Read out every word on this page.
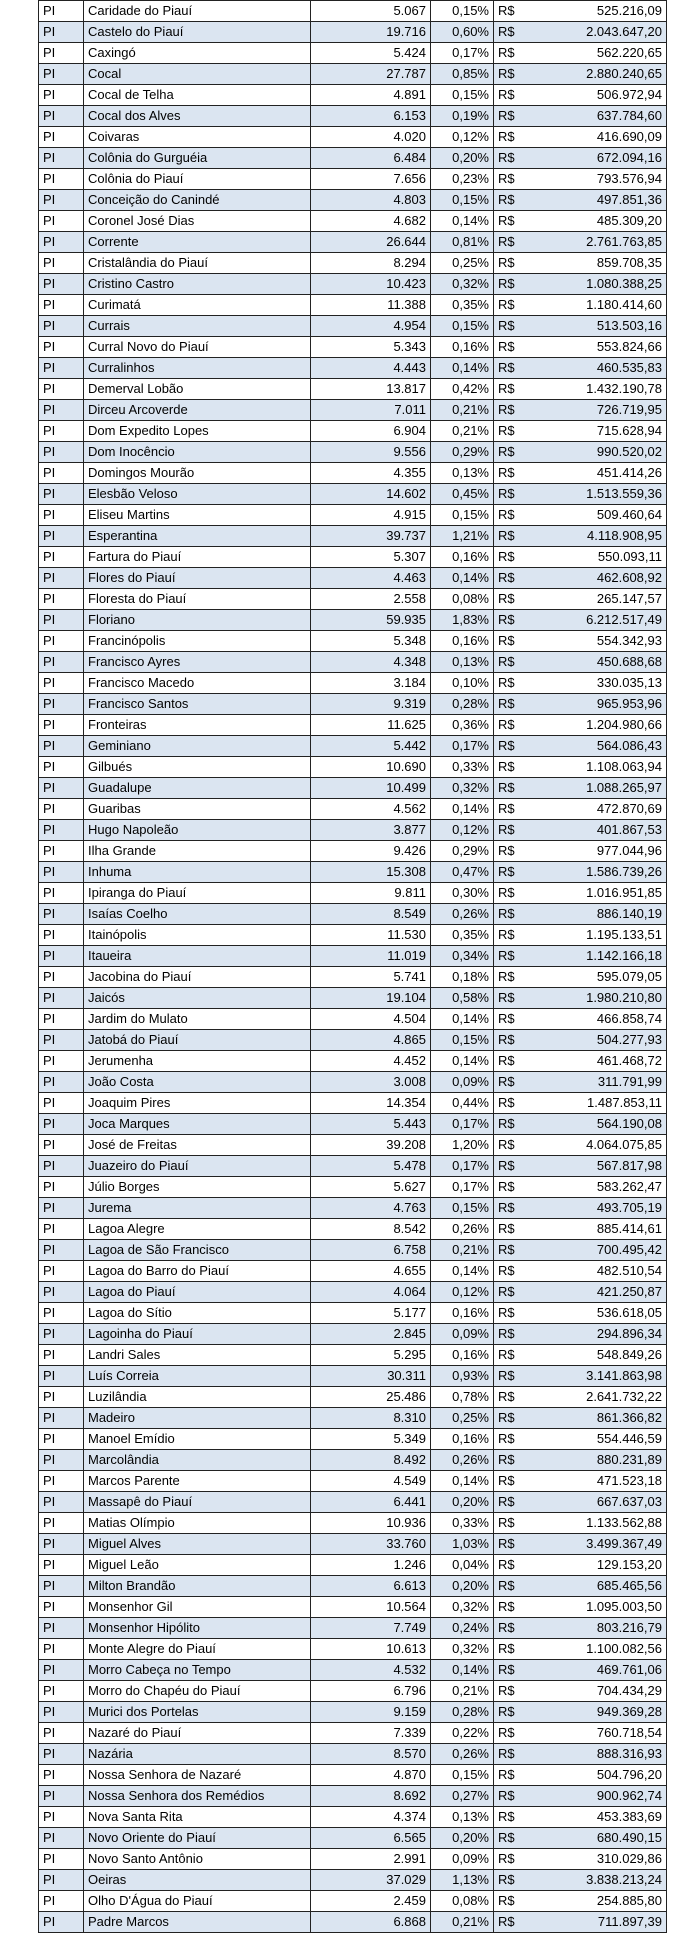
PI	Caridade do Piauí	5.067	0,15%	R$	525.216,09
PI	Castelo do Piauí	19.716	0,60%	R$	2.043.647,20
PI	Caxingó	5.424	0,17%	R$	562.220,65
PI	Cocal	27.787	0,85%	R$	2.880.240,65
PI	Cocal de Telha	4.891	0,15%	R$	506.972,94
PI	Cocal dos Alves	6.153	0,19%	R$	637.784,60
PI	Coivaras	4.020	0,12%	R$	416.690,09
PI	Colônia do Gurguéia	6.484	0,20%	R$	672.094,16
PI	Colônia do Piauí	7.656	0,23%	R$	793.576,94
PI	Conceição do Canindé	4.803	0,15%	R$	497.851,36
PI	Coronel José Dias	4.682	0,14%	R$	485.309,20
PI	Corrente	26.644	0,81%	R$	2.761.763,85
PI	Cristalândia do Piauí	8.294	0,25%	R$	859.708,35
PI	Cristino Castro	10.423	0,32%	R$	1.080.388,25
PI	Curimatá	11.388	0,35%	R$	1.180.414,60
PI	Currais	4.954	0,15%	R$	513.503,16
PI	Curral Novo do Piauí	5.343	0,16%	R$	553.824,66
PI	Curralinhos	4.443	0,14%	R$	460.535,83
PI	Demerval Lobão	13.817	0,42%	R$	1.432.190,78
PI	Dirceu Arcoverde	7.011	0,21%	R$	726.719,95
PI	Dom Expedito Lopes	6.904	0,21%	R$	715.628,94
PI	Dom Inocêncio	9.556	0,29%	R$	990.520,02
PI	Domingos Mourão	4.355	0,13%	R$	451.414,26
PI	Elesbão Veloso	14.602	0,45%	R$	1.513.559,36
PI	Eliseu Martins	4.915	0,15%	R$	509.460,64
PI	Esperantina	39.737	1,21%	R$	4.118.908,95
PI	Fartura do Piauí	5.307	0,16%	R$	550.093,11
PI	Flores do Piauí	4.463	0,14%	R$	462.608,92
PI	Floresta do Piauí	2.558	0,08%	R$	265.147,57
PI	Floriano	59.935	1,83%	R$	6.212.517,49
PI	Francinópolis	5.348	0,16%	R$	554.342,93
PI	Francisco Ayres	4.348	0,13%	R$	450.688,68
PI	Francisco Macedo	3.184	0,10%	R$	330.035,13
PI	Francisco Santos	9.319	0,28%	R$	965.953,96
PI	Fronteiras	11.625	0,36%	R$	1.204.980,66
PI	Geminiano	5.442	0,17%	R$	564.086,43
PI	Gilbués	10.690	0,33%	R$	1.108.063,94
PI	Guadalupe	10.499	0,32%	R$	1.088.265,97
PI	Guaribas	4.562	0,14%	R$	472.870,69
PI	Hugo Napoleão	3.877	0,12%	R$	401.867,53
PI	Ilha Grande	9.426	0,29%	R$	977.044,96
PI	Inhuma	15.308	0,47%	R$	1.586.739,26
PI	Ipiranga do Piauí	9.811	0,30%	R$	1.016.951,85
PI	Isaías Coelho	8.549	0,26%	R$	886.140,19
PI	Itainópolis	11.530	0,35%	R$	1.195.133,51
PI	Itaueira	11.019	0,34%	R$	1.142.166,18
PI	Jacobina do Piauí	5.741	0,18%	R$	595.079,05
PI	Jaicós	19.104	0,58%	R$	1.980.210,80
PI	Jardim do Mulato	4.504	0,14%	R$	466.858,74
PI	Jatobá do Piauí	4.865	0,15%	R$	504.277,93
PI	Jerumenha	4.452	0,14%	R$	461.468,72
PI	João Costa	3.008	0,09%	R$	311.791,99
PI	Joaquim Pires	14.354	0,44%	R$	1.487.853,11
PI	Joca Marques	5.443	0,17%	R$	564.190,08
PI	José de Freitas	39.208	1,20%	R$	4.064.075,85
PI	Juazeiro do Piauí	5.478	0,17%	R$	567.817,98
PI	Júlio Borges	5.627	0,17%	R$	583.262,47
PI	Jurema	4.763	0,15%	R$	493.705,19
PI	Lagoa Alegre	8.542	0,26%	R$	885.414,61
PI	Lagoa de São Francisco	6.758	0,21%	R$	700.495,42
PI	Lagoa do Barro do Piauí	4.655	0,14%	R$	482.510,54
PI	Lagoa do Piauí	4.064	0,12%	R$	421.250,87
PI	Lagoa do Sítio	5.177	0,16%	R$	536.618,05
PI	Lagoinha do Piauí	2.845	0,09%	R$	294.896,34
PI	Landri Sales	5.295	0,16%	R$	548.849,26
PI	Luís Correia	30.311	0,93%	R$	3.141.863,98
PI	Luzilândia	25.486	0,78%	R$	2.641.732,22
PI	Madeiro	8.310	0,25%	R$	861.366,82
PI	Manoel Emídio	5.349	0,16%	R$	554.446,59
PI	Marcolândia	8.492	0,26%	R$	880.231,89
PI	Marcos Parente	4.549	0,14%	R$	471.523,18
PI	Massapê do Piauí	6.441	0,20%	R$	667.637,03
PI	Matias Olímpio	10.936	0,33%	R$	1.133.562,88
PI	Miguel Alves	33.760	1,03%	R$	3.499.367,49
PI	Miguel Leão	1.246	0,04%	R$	129.153,20
PI	Milton Brandão	6.613	0,20%	R$	685.465,56
PI	Monsenhor Gil	10.564	0,32%	R$	1.095.003,50
PI	Monsenhor Hipólito	7.749	0,24%	R$	803.216,79
PI	Monte Alegre do Piauí	10.613	0,32%	R$	1.100.082,56
PI	Morro Cabeça no Tempo	4.532	0,14%	R$	469.761,06
PI	Morro do Chapéu do Piauí	6.796	0,21%	R$	704.434,29
PI	Murici dos Portelas	9.159	0,28%	R$	949.369,28
PI	Nazaré do Piauí	7.339	0,22%	R$	760.718,54
PI	Nazária	8.570	0,26%	R$	888.316,93
PI	Nossa Senhora de Nazaré	4.870	0,15%	R$	504.796,20
PI	Nossa Senhora dos Remédios	8.692	0,27%	R$	900.962,74
PI	Nova Santa Rita	4.374	0,13%	R$	453.383,69
PI	Novo Oriente do Piauí	6.565	0,20%	R$	680.490,15
PI	Novo Santo Antônio	2.991	0,09%	R$	310.029,86
PI	Oeiras	37.029	1,13%	R$	3.838.213,24
PI	Olho D'Água do Piauí	2.459	0,08%	R$	254.885,80
PI	Padre Marcos	6.868	0,21%	R$	711.897,39
